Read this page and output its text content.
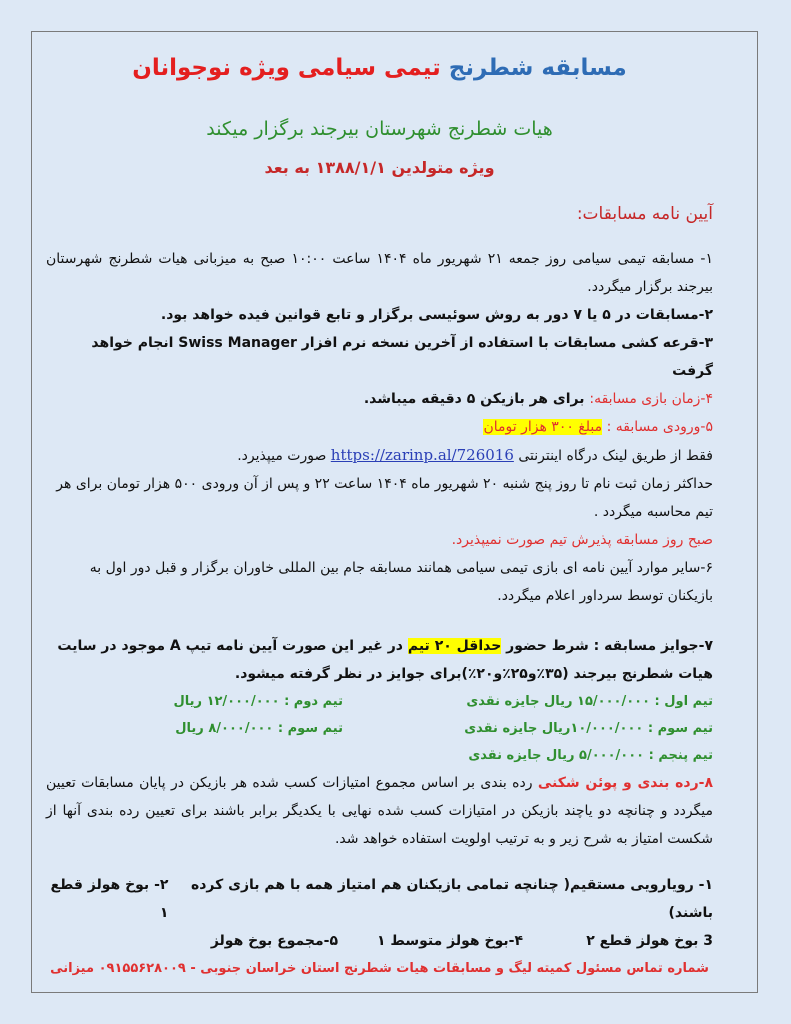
مسابقه شطرنج تیمی سیامی ویژه نوجوانان
هیات شطرنج شهرستان بیرجند برگزار میکند
ویژه متولدین ۱۳۸۸/۱/۱ به بعد
آیین نامه مسابقات:

۱- مسابقه تیمی سیامی روز جمعه ۲۱ شهریور ماه ۱۴۰۴ ساعت ۱۰:۰۰ صبح به میزبانی هیات شطرنج شهرستان بیرجند برگزار میگردد.

۲-مسابقات در ۵ یا ۷ دور به روش سوئیسی برگزار و تابع قوانین فیده خواهد بود.

۳-قرعه کشی مسابقات با استفاده از آخرین نسخه نرم افزار Swiss Manager انجام خواهد گرفت

۴-زمان بازی مسابقه: برای هر بازیکن ۵ دقیقه میباشد.

۵-ورودی مسابقه : مبلغ ۳۰۰ هزار تومان

فقط از طریق لینک درگاه اینترنتی https://zarinp.al/726016 صورت میپذیرد.

حداکثر زمان ثبت نام تا روز پنج شنبه ۲۰ شهریور ماه ۱۴۰۴ ساعت ۲۲ و پس از آن ورودی ۵۰۰ هزار تومان برای هر تیم محاسبه میگردد .

صبح روز مسابقه پذیرش تیم صورت نمیپذیرد.

۶-سایر موارد آیین نامه ای بازی تیمی سیامی همانند مسابقه جام بین المللی خاوران برگزار و قبل دور اول به بازیکنان توسط سرداور اعلام میگردد.

۷-جوایز مسابقه : شرط حضور حداقل ۲۰ تیم در غیر این صورت آیین نامه تیپ A موجود در سایت هیات شطرنج بیرجند (۳۵٪و۲۵٪و۲۰٪)برای جوایز در نظر گرفته میشود.

تیم اول : ۱۵/۰۰۰/۰۰۰ ریال جایزه نقدی
تیم دوم : ۱۲/۰۰۰/۰۰۰ ریال
تیم سوم : ۱۰/۰۰۰/۰۰۰ریال جایزه نقدی
تیم سوم : ۸/۰۰۰/۰۰۰ ریال
تیم پنجم : ۵/۰۰۰/۰۰۰ ریال جایزه نقدی

۸-رده بندی و پوئن شکنی رده بندی بر اساس مجموع امتیازات کسب شده هر بازیکن در پایان مسابقات تعیین میگردد و چنانچه دو یاچند بازیکن در امتیازات کسب شده نهایی با یکدیگر برابر باشند برای تعیین رده بندی آنها از شکست امتیاز به شرح زیر و به ترتیب اولویت استفاده خواهد شد.

۱- رویارویی مستقیم( چنانچه تمامی بازیکنان هم امتیاز همه با هم بازی کرده باشند)
۲- بوخ هولز قطع ۱
3 بوخ هولز قطع ۲
۴-بوخ هولز متوسط ۱
۵-مجموع بوخ هولز

شماره تماس مسئول کمیته لیگ و مسابقات هیات شطرنج استان خراسان جنوبی - ۰۹۱۵۵۶۲۸۰۰۹ میزانی
